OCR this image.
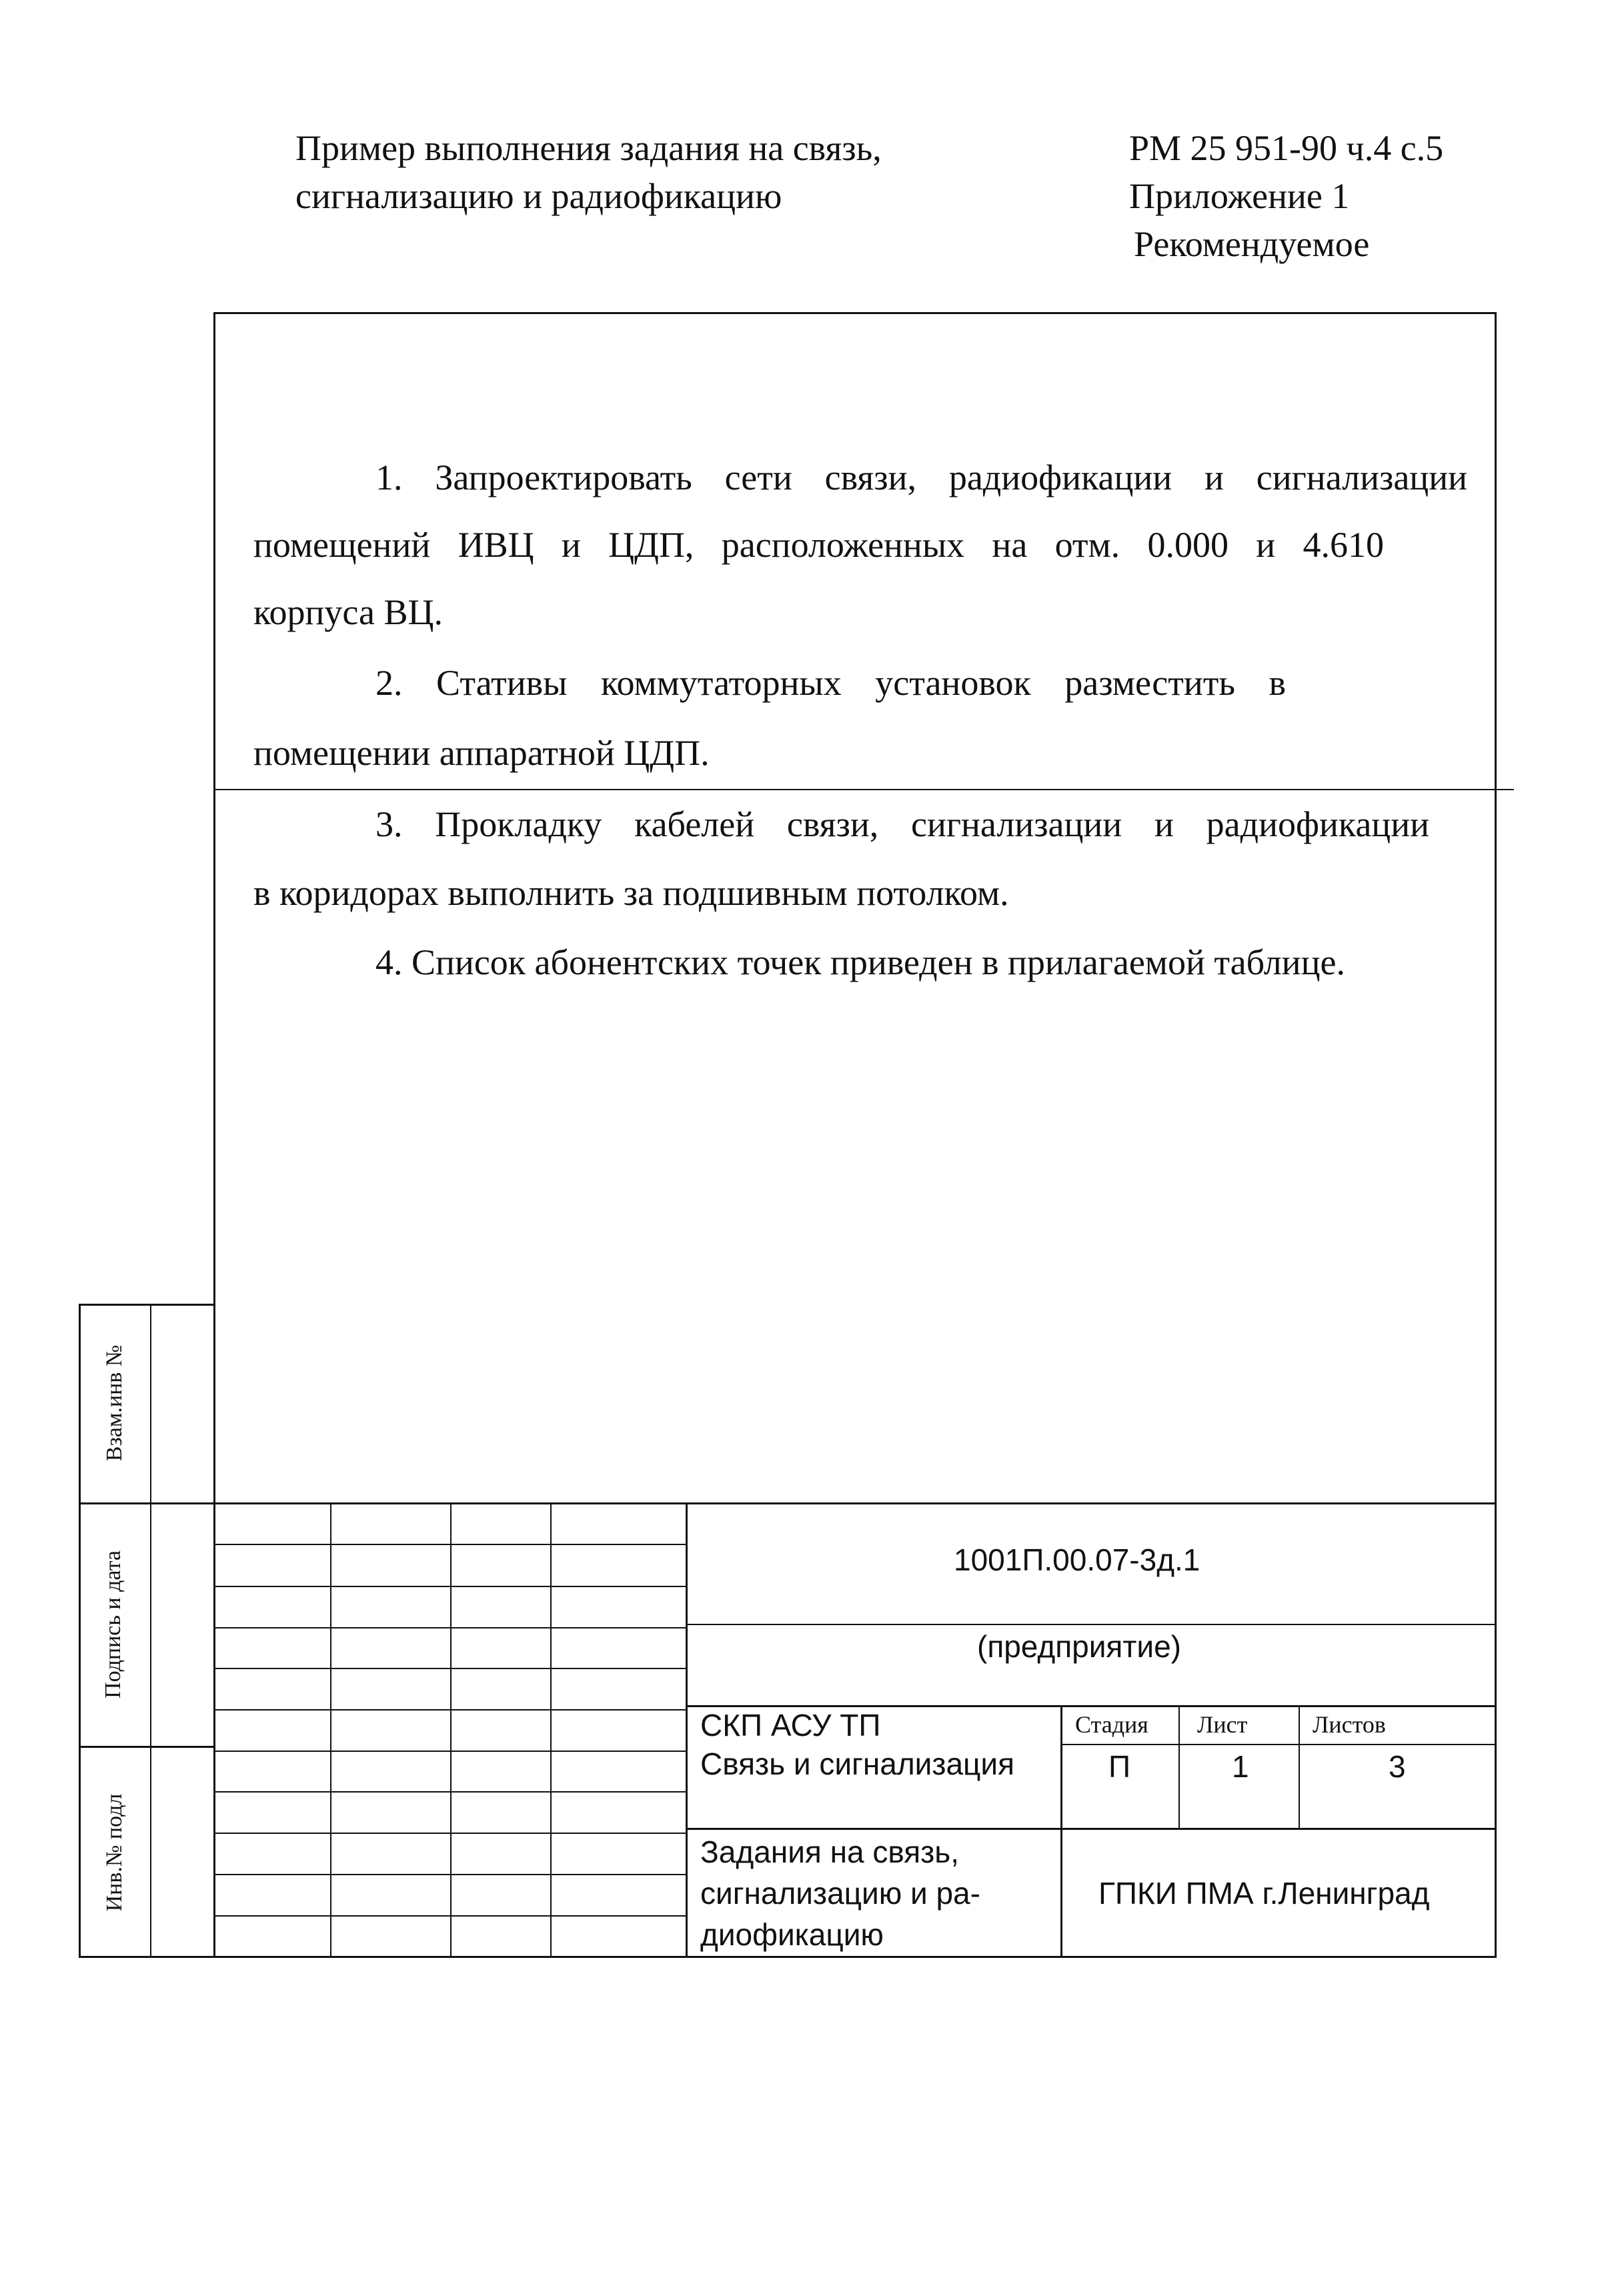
Пример выполнения задания на связь,
сигнализацию и радиофикацию
РМ 25 951-90 ч.4 с.5
Приложение 1
Рекомендуемое
1. Запроектировать сети связи, радиофикации и сигнализации
помещений ИВЦ и ЦДП, расположенных на отм. 0.000 и 4.610
корпуса ВЦ.
2. Стативы коммутаторных установок разместить в
помещении аппаратной ЦДП.
3. Прокладку кабелей связи, сигнализации и радиофикации
в коридорах выполнить за подшивным потолком.
4. Список абонентских точек приведен в прилагаемой таблице.
Взам.инв №
Подпись и дата
Инв.№ подл
1001П.00.07-3д.1
(предприятие)
СКП АСУ ТП
Связь и сигнализация
Стадия Лист	Листов
П	1	3
Задания на связь,
сигнализацию и ра-
диофикацию
ГПКИ ПМА г.Ленинград
